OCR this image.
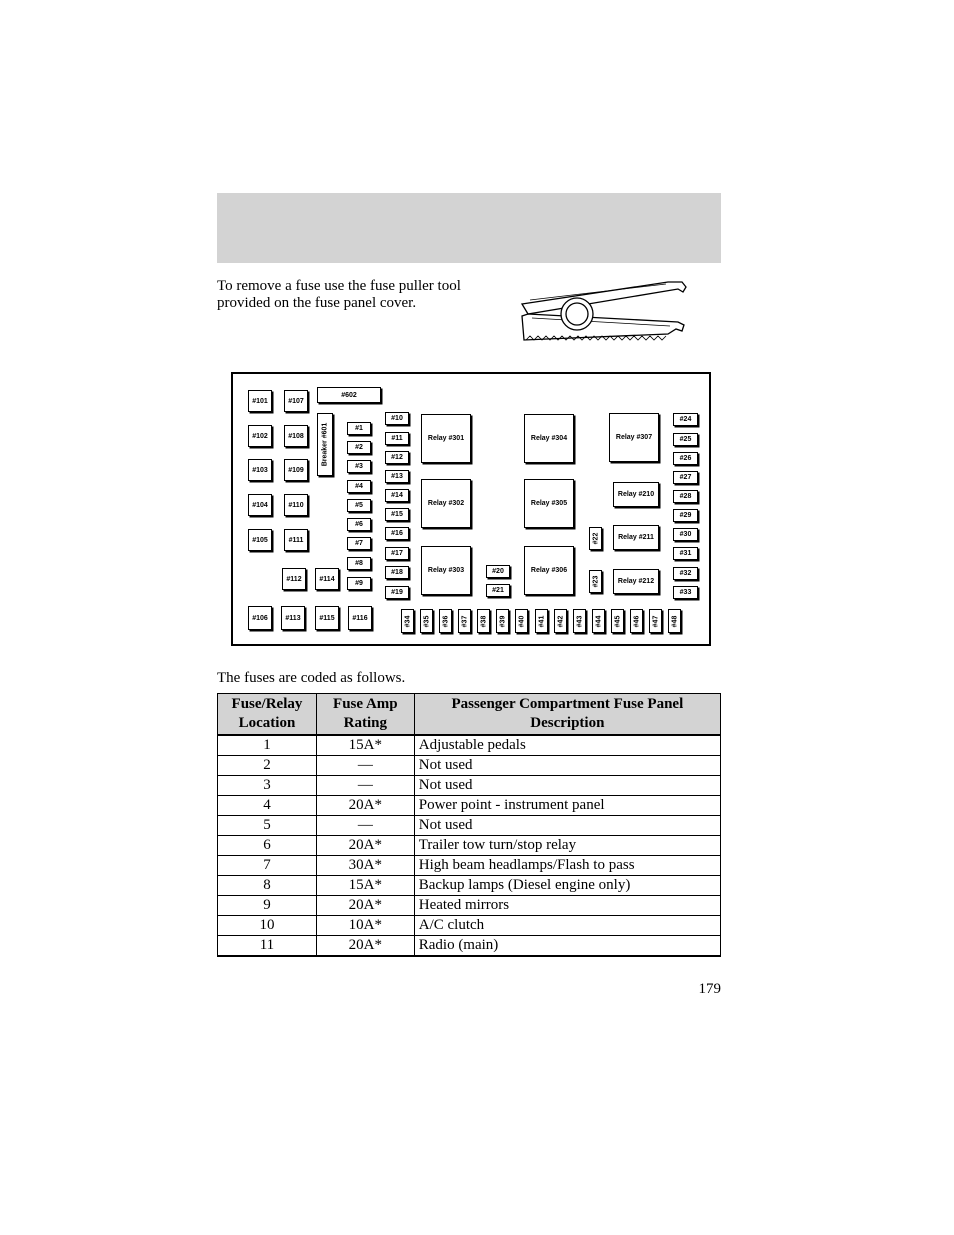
To remove a fuse use the fuse puller tool provided on the fuse panel cover.
#101
#102
#103
#104
#105
#106
#107
#108
#109
#110
#111
#112
#113
#114
#115	#116
#602
Breaker #601	#1
#2
#3
#4
#5
#6
#7
#8
#9
#10
#11
#12
#13
#14
#15
#16
#17
#18
#19
#24
#25
#26
#27
#28
#29
#30
#31
#32
#33
#20
#21
#22
#23
Relay #301
Relay #302
Relay #303
Relay #304
Relay #305
Relay #306
Relay #307
Relay #210
Relay #211
Relay #212
#34 #35 #36 #37 #38 #39 #40 #41 #42 #43 #44 #45 #46 #47 #48
The fuses are coded as follows.
Fuse/Relay Location	Fuse Amp Rating	Passenger Compartment Fuse Panel Description
1	15A*	Adjustable pedals
2	—	Not used
3	—	Not used
4	20A*	Power point - instrument panel
5	—	Not used
6	20A*	Trailer tow turn/stop relay
7	30A*	High beam headlamps/Flash to pass
8	15A*	Backup lamps (Diesel engine only)
9	20A*	Heated mirrors
10	10A*	A/C clutch
11	20A*	Radio (main)
179
